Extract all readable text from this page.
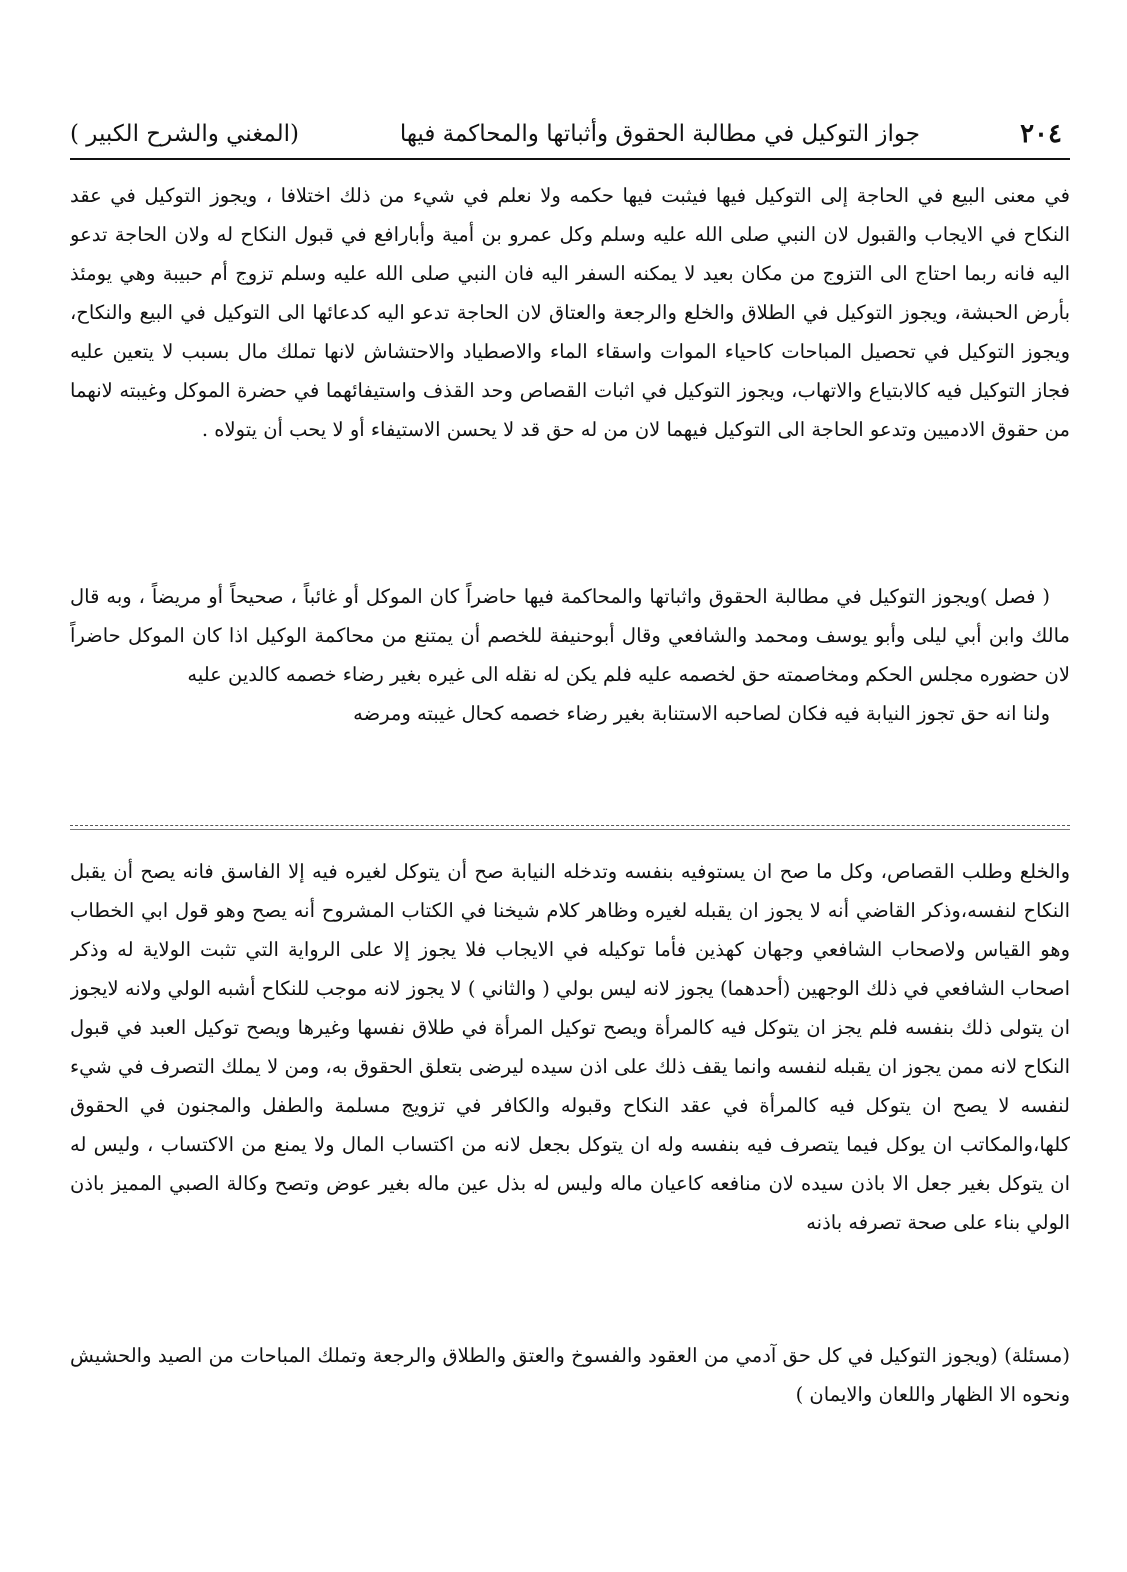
٢٠٤
جواز التوكيل في مطالبة الحقوق وأثباتها والمحاكمة فيها
(المغني والشرح الكبير )

في معنى البيع في الحاجة إلى التوكيل فيها فيثبت فيها حكمه ولا نعلم في شيء من ذلك اختلافا ، ويجوز التوكيل في عقد النكاح في الايجاب والقبول لان النبي صلى الله عليه وسلم وكل عمرو بن أمية وأبارافع في قبول النكاح له ولان الحاجة تدعو اليه فانه ربما احتاج الى التزوج من مكان بعيد لا يمكنه السفر اليه فان النبي صلى الله عليه وسلم تزوج أم حبيبة وهي يومئذ بأرض الحبشة، ويجوز التوكيل في الطلاق والخلع والرجعة والعتاق لان الحاجة تدعو اليه كدعائها الى التوكيل في البيع والنكاح، ويجوز التوكيل في تحصيل المباحات كاحياء الموات واسقاء الماء والاصطياد والاحتشاش لانها تملك مال بسبب لا يتعين عليه فجاز التوكيل فيه كالابتياع والاتهاب، ويجوز التوكيل في اثبات القصاص وحد القذف واستيفائهما في حضرة الموكل وغيبته لانهما من حقوق الادميين وتدعو الحاجة الى التوكيل فيهما لان من له حق قد لا يحسن الاستيفاء أو لا يحب أن يتولاه .

( فصل )ويجوز التوكيل في مطالبة الحقوق واثباتها والمحاكمة فيها حاضراً كان الموكل أو غائباً ، صحيحاً أو مريضاً ، وبه قال مالك وابن أبي ليلى وأبو يوسف ومحمد والشافعي وقال أبوحنيفة للخصم أن يمتنع من محاكمة الوكيل اذا كان الموكل حاضراً لان حضوره مجلس الحكم ومخاصمته حق لخصمه عليه فلم يكن له نقله الى غيره بغير رضاء خصمه كالدين عليه

ولنا انه حق تجوز النيابة فيه فكان لصاحبه الاستنابة بغير رضاء خصمه كحال غيبته ومرضه

والخلع وطلب القصاص، وكل ما صح ان يستوفيه بنفسه وتدخله النيابة صح أن يتوكل لغيره فيه إلا الفاسق فانه يصح أن يقبل النكاح لنفسه،وذكر القاضي أنه لا يجوز ان يقبله لغيره وظاهر كلام شيخنا في الكتاب المشروح أنه يصح وهو قول ابي الخطاب وهو القياس ولاصحاب الشافعي وجهان كهذين فأما توكيله في الايجاب فلا يجوز إلا على الرواية التي تثبت الولاية له وذكر اصحاب الشافعي في ذلك الوجهين (أحدهما) يجوز لانه ليس بولي ( والثاني ) لا يجوز لانه موجب للنكاح أشبه الولي ولانه لايجوز ان يتولى ذلك بنفسه فلم يجز ان يتوكل فيه كالمرأة ويصح توكيل المرأة في طلاق نفسها وغيرها ويصح توكيل العبد في قبول النكاح لانه ممن يجوز ان يقبله لنفسه وانما يقف ذلك على اذن سيده ليرضى بتعلق الحقوق به، ومن لا يملك التصرف في شيء لنفسه لا يصح ان يتوكل فيه كالمرأة في عقد النكاح وقبوله والكافر في تزويج مسلمة والطفل والمجنون في الحقوق كلها،والمكاتب ان يوكل فيما يتصرف فيه بنفسه وله ان يتوكل بجعل لانه من اكتساب المال ولا يمنع من الاكتساب ، وليس له ان يتوكل بغير جعل الا باذن سيده لان منافعه كاعيان ماله وليس له بذل عين ماله بغير عوض وتصح وكالة الصبي المميز باذن الولي بناء على صحة تصرفه باذنه

(مسئلة) (ويجوز التوكيل في كل حق آدمي من العقود والفسوخ والعتق والطلاق والرجعة وتملك المباحات من الصيد والحشيش ونحوه الا الظهار واللعان والايمان )
